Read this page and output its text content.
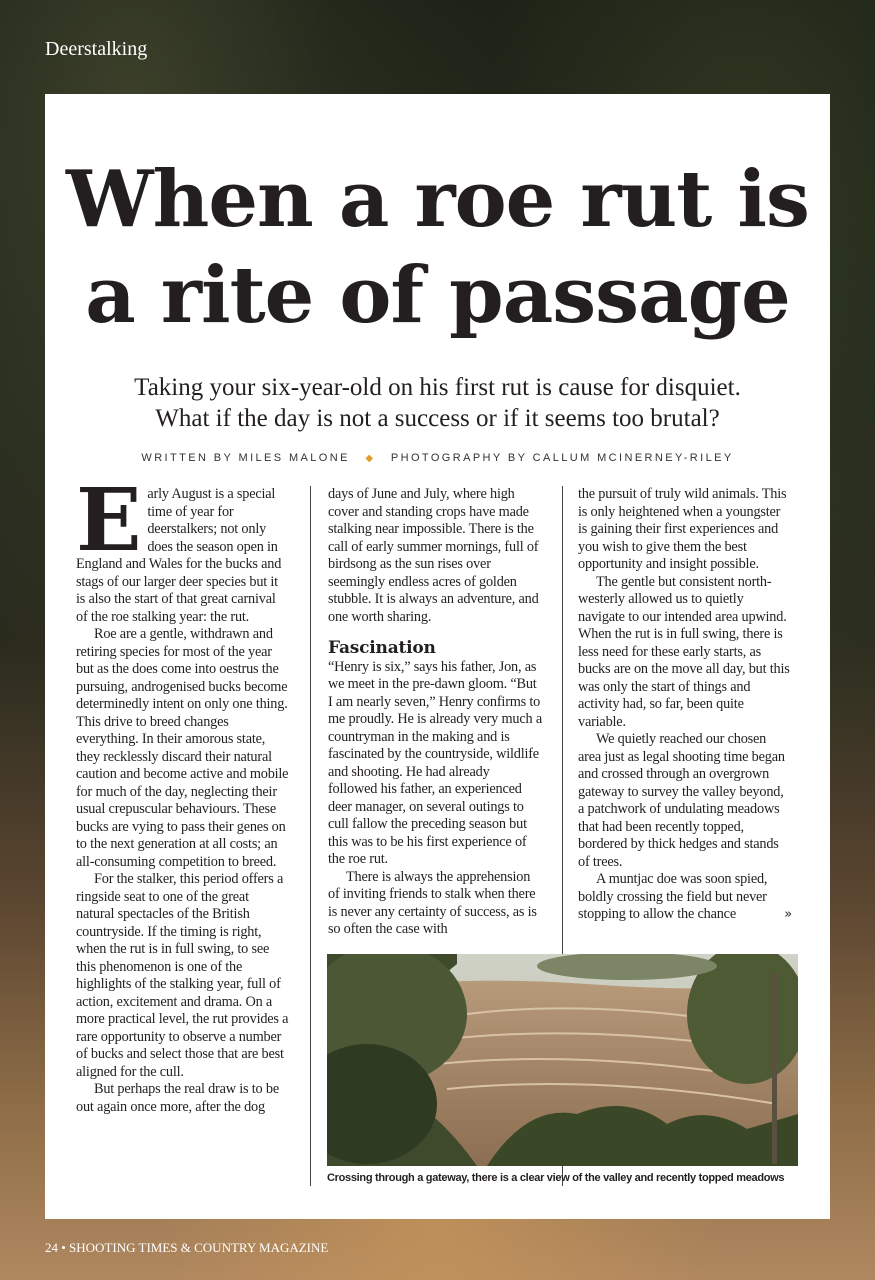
Deerstalking
When a roe rut is
a rite of passage

Taking your six-year-old on his first rut is cause for disquiet.
What if the day is not a success or if it seems too brutal?

WRITTEN BY MILES MALONE ◆ PHOTOGRAPHY BY CALLUM MCINERNEY-RILEY
E arly August is a special time of year for deerstalkers; not only does the season open in England and Wales for the bucks and stags of our larger deer species but it is also the start of that great carnival of the roe stalking year: the rut.

Roe are a gentle, withdrawn and retiring species for most of the year but as the does come into oestrus the pursuing, androgenised bucks become determinedly intent on only one thing. This drive to breed changes everything. In their amorous state, they recklessly discard their natural caution and become active and mobile for much of the day, neglecting their usual crepuscular behaviours. These bucks are vying to pass their genes on to the next generation at all costs; an all-consuming competition to breed.

For the stalker, this period offers a ringside seat to one of the great natural spectacles of the British countryside. If the timing is right, when the rut is in full swing, to see this phenomenon is one of the highlights of the stalking year, full of action, excitement and drama. On a more practical level, the rut provides a rare opportunity to observe a number of bucks and select those that are best aligned for the cull.

But perhaps the real draw is to be out again once more, after the dog

days of June and July, where high cover and standing crops have made stalking near impossible. There is the call of early summer mornings, full of birdsong as the sun rises over seemingly endless acres of golden stubble. It is always an adventure, and one worth sharing.

Fascination

“Henry is six,” says his father, Jon, as we meet in the pre-dawn gloom. “But I am nearly seven,” Henry confirms to me proudly. He is already very much a countryman in the making and is fascinated by the countryside, wildlife and shooting. He had already followed his father, an experienced deer manager, on several outings to cull fallow the preceding season but this was to be his first experience of the roe rut.

There is always the apprehension of inviting friends to stalk when there is never any certainty of success, as is so often the case with

the pursuit of truly wild animals. This is only heightened when a youngster is gaining their first experiences and you wish to give them the best opportunity and insight possible.

The gentle but consistent north-westerly allowed us to quietly navigate to our intended area upwind. When the rut is in full swing, there is less need for these early starts, as bucks are on the move all day, but this was only the start of things and activity had, so far, been quite variable.

We quietly reached our chosen area just as legal shooting time began and crossed through an overgrown gateway to survey the valley beyond, a patchwork of undulating meadows that had been recently topped, bordered by thick hedges and stands of trees.

A muntjac doe was soon spied, boldly crossing the field but never stopping to allow the chance	»

Crossing through a gateway, there is a clear view of the valley and recently topped meadows
24 • SHOOTING TIMES & COUNTRY MAGAZINE
